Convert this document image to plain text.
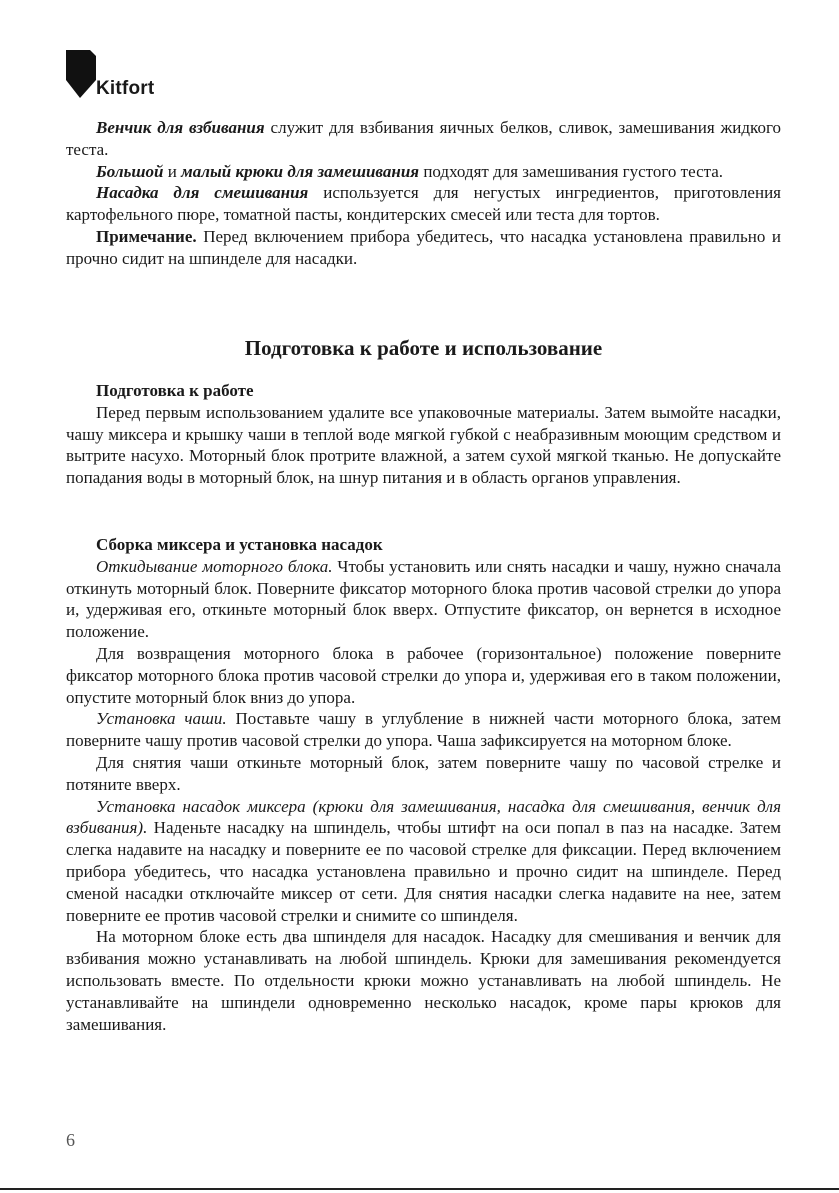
Kitfort

Венчик для взбивания служит для взбивания яичных белков, сливок, замешивания жидкого теста.

Большой и малый крюки для замешивания подходят для замешивания густого теста.

Насадка для смешивания используется для негустых ингредиентов, приготовления картофельного пюре, томатной пасты, кондитерских смесей или теста для тортов.

Примечание. Перед включением прибора убедитесь, что насадка установлена правильно и прочно сидит на шпинделе для насадки.

Подготовка к работе и использование
Подготовка к работе

Перед первым использованием удалите все упаковочные материалы. Затем вымойте насадки, чашу миксера и крышку чаши в теплой воде мягкой губкой с неабразивным моющим средством и вытрите насухо. Моторный блок протрите влажной, а затем сухой мягкой тканью. Не допускайте попадания воды в моторный блок, на шнур питания и в область органов управления.

Сборка миксера и установка насадок

Откидывание моторного блока. Чтобы установить или снять насадки и чашу, нужно сначала откинуть моторный блок. Поверните фиксатор моторного блока против часовой стрелки до упора и, удерживая его, откиньте моторный блок вверх. Отпустите фиксатор, он вернется в исходное положение.

Для возвращения моторного блока в рабочее (горизонтальное) положение поверните фиксатор моторного блока против часовой стрелки до упора и, удерживая его в таком положении, опустите моторный блок вниз до упора.

Установка чаши. Поставьте чашу в углубление в нижней части моторного блока, затем поверните чашу против часовой стрелки до упора. Чаша зафиксируется на моторном блоке.

Для снятия чаши откиньте моторный блок, затем поверните чашу по часовой стрелке и потяните вверх.

Установка насадок миксера (крюки для замешивания, насадка для смешивания, венчик для взбивания). Наденьте насадку на шпиндель, чтобы штифт на оси попал в паз на насадке. Затем слегка надавите на насадку и поверните ее по часовой стрелке для фиксации. Перед включением прибора убедитесь, что насадка установлена правильно и прочно сидит на шпинделе. Перед сменой насадки отключайте миксер от сети. Для снятия насадки слегка надавите на нее, затем поверните ее против часовой стрелки и снимите со шпинделя.

На моторном блоке есть два шпинделя для насадок. Насадку для смешивания и венчик для взбивания можно устанавливать на любой шпиндель. Крюки для замешивания рекомендуется использовать вместе. По отдельности крюки можно устанавливать на любой шпиндель. Не устанавливайте на шпиндели одновременно несколько насадок, кроме пары крюков для замешивания.

6
